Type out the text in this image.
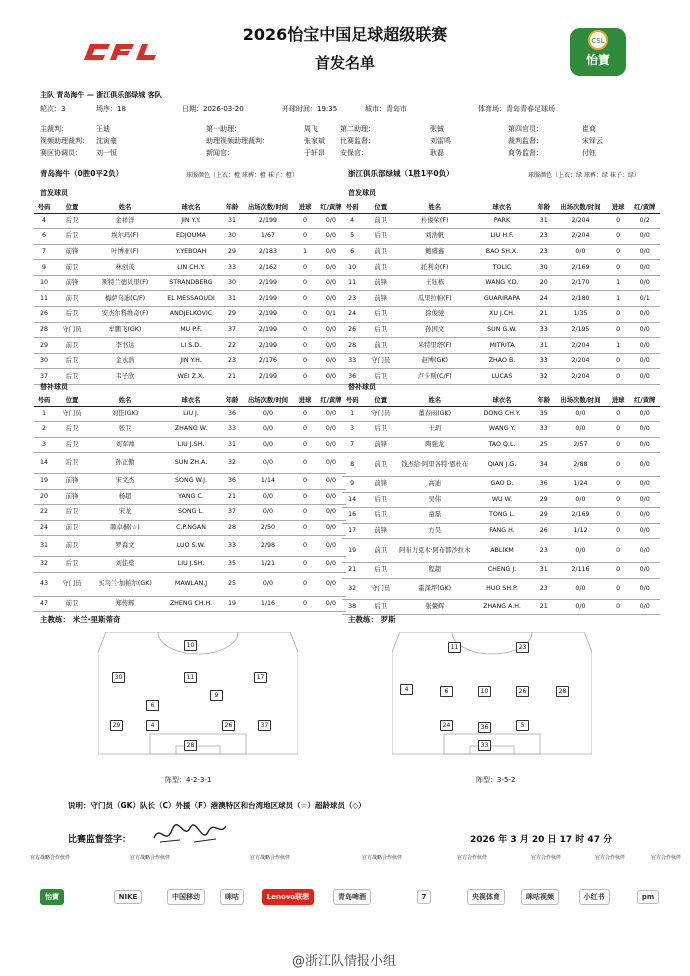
2026怡宝中国足球超级联赛
首发名单
CSL
怡寶
主队 青岛海牛 — 浙江俱乐部绿城 客队
轮次：3	场序：18	日期：2026-03-20	开球时间：19:35	城市：青岛市	体育场：青岛青春足球场
主裁判：	王迪	第一助理：	周飞	第二助理：	张铖	第四官员：	崔商
视频助理裁判： 沈寅豪	助理视频助理裁判：	张家斌 比赛监督：	刘雷鸣	裁判监督：	宋铎云
赛区协调员： 刘一恒	新闻官：	于轩昂 安保官：	耿磊	商务监督：	付钰
青岛海牛（0胜0平2负）	球服颜色（上衣：橙 球裤：橙 袜子：橙）	浙江俱乐部绿城（1胜1平0负）	球服颜色（上衣：绿 球裤：绿 袜子：绿）
首发球员	首发球员
号码	位置	姓名	球衣名	年龄	出场次数/时间	进球	红/黄牌
4	后卫	金祥洋	JIN Y.Y.	31	2/199	0	0/0
6	后卫	埃尔玛(F)	EDJOUMA	30	1/67	0	0/0
7	前锋	叶博亚(F)	Y.YEBOAH	29	2/183	1	0/0
9	前卫	林创茂	LIN CH.Y.	33	2/162	0	0/0
10	前锋	斯特兰德贝里(F)	STRANDBERG	30	2/199	0	0/0
11	前卫	梅萨乌迪(C/F)	EL MESSAOUDI	31	2/199	0	0/0
26	后卫	安杰尔科维奇(F)	ANDJELKOVIC	29	2/199	0	0/1
28	守门员	牟鹏飞(GK)	MU P.F.	37	2/199	0	0/0
29	前卫	李书达	LI S.D.	22	2/199	0	0/0
30	后卫	金永浩	JIN Y.H.	23	2/176	0	0/0
37	后卫	韦子欣	WEI Z.X.	21	2/199	0	0/0
号码	位置	姓名	球衣名	年龄	出场次数/时间	进球	红/黄牌
4	前卫	朴俊荣(F)	PARK	31	2/204	0	0/2
5	后卫	刘浩帆	LIU H.F.	23	2/204	0	0/0
6	前卫	鲍盛鑫	BAO SH.X.	23	0/0	0	0/0
10	前卫	托利奇(F)	TOLIC	30	2/169	0	0/0
11	前锋	王钰栋	WANG Y.D.	20	2/170	1	0/0
23	前锋	瓜里拉帕(F)	GUARIRAPA	24	2/180	1	0/1
24	后卫	徐俊驰	XU J.CH.	21	1/35	0	0/0
26	后卫	孙国文	SUN G.W.	33	2/195	0	0/0
28	前卫	米特里塔(F)	MITRITA	31	2/204	1	0/0
33	守门员	赵博(GK)	ZHAO B.	33	2/204	0	0/0
36	后卫	卢卡斯(C/F)	LUCAS	32	2/204	0	0/0
替补球员	替补球员
号码	位置	姓名	球衣名	年龄	出场次数/时间	进球	红/黄牌
1	守门员	刘佳(GK)	LIU J.	36	0/0	0	0/0
2	后卫	张卫	ZHANG W.	33	0/0	0	0/0
3	后卫	刘军帅	LIU J.SH.	31	0/0	0	0/0
14	后卫	孙正傲	SUN ZH.A.	32	0/0	0	0/0
19	前锋	宋文杰	SONG W.J.	36	1/14	0	0/0
20	前锋	杨超	YANG C.	21	0/0	0	0/0
22	后卫	宋龙	SONG L.	37	0/0	0	0/0
24	前卫	颜卓桐(☆)	C.P.NGAN	28	2/50	0	0/0
31	前卫	罗森文	LUO S.W.	33	2/98	0	0/0
32	后卫	刘佳燊	LIU J.SH.	35	1/21	0	0/0
43	守门员	买乌兰·加帕尔(GK)	MAWLAN.J	25	0/0	0	0/0
47	前卫	郑传辉	ZHENG CH.H.	19	1/16	0	0/0
号码	位置	姓名	球衣名	年龄	出场次数/时间	进球	红/黄牌
1	守门员	董春雨(GK)	DONG CH.Y.	35	0/0	0	0/0
3	后卫	王玥	WANG Y.	33	0/0	0	0/0
7	前锋	陶强龙	TAO Q.L.	25	2/57	0	0/0
8	前卫	钱杰给·阿里各特·恩杜布	QIAN J.G.	34	2/88	0	0/0
9	前锋	高迪	GAO D.	36	1/24	0	0/0
14	后卫	吴伟	WU W.	29	0/0	0	0/0
16	后卫	童磊	TONG L.	29	2/169	0	0/0
17	前锋	方昊	FANG H.	26	1/12	0	0/0
19	前卫	阿布力克木·阿布都沙拉木	ABLIKM	23	0/0	0	0/0
21	后卫	程超	CHENG J.	31	2/116	0	0/0
32	守门员	霍深坪(GK)	HUO SH.P.	23	0/0	0	0/0
38	后卫	张鳌辉	ZHANG A.H.	21	0/0	0	0/0
主教练： 米兰·里斯蒂奇	主教练： 罗斯
28
29	4	26	37
6
9
11	17
10
30
33
24	36	5
4	6	10	26	28
11	23
阵型：4-2-3-1	阵型：3-5-2
说明：守门员（GK）队长（C）外援（F）港澳特区和台湾地区球员（☆）超龄球员（◇）
比赛监督签字：	2026 年 3 月 20 日 17 时 47 分
官方战略合作伙伴	官方战略合作伙伴	官方战略合作伙伴	官方战略合作伙伴	官方合作伙伴	官方合作伙伴	官方合作伙伴	官方合作伙伴
怡寶	NIKE	中国移动	咪咕	Lenovo联想	青岛啤酒	7	央视体育	咪咕视频	小红书	pm
@浙江队情报小组
